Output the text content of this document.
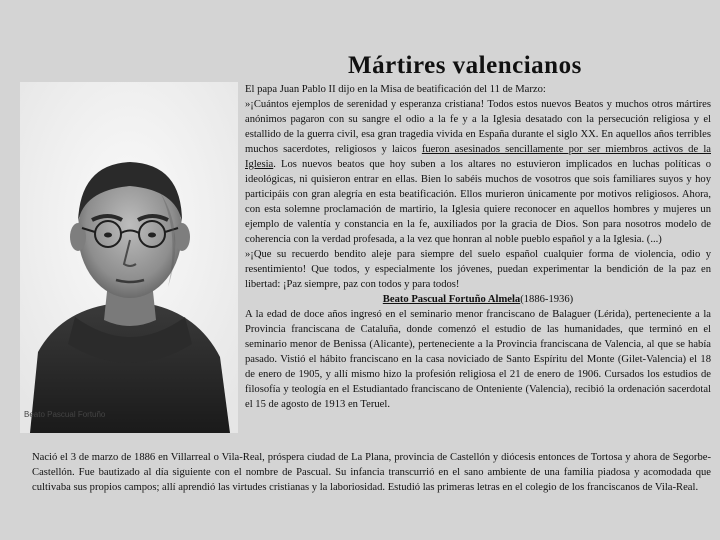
Mártires valencianos
Beato Pascual Fortuño

El papa Juan Pablo II dijo en la Misa de beatificación del 11 de Marzo:

»¡Cuántos ejemplos de serenidad y esperanza cristiana! Todos estos nuevos Beatos y muchos otros mártires anónimos pagaron con su sangre el odio a la fe y a la Iglesia desatado con la persecución religiosa y el estallido de la guerra civil, esa gran tragedia vivida en España durante el siglo XX. En aquellos años terribles muchos sacerdotes, religiosos y laicos fueron asesinados sencillamente por ser miembros activos de la Iglesia. Los nuevos beatos que hoy suben a los altares no estuvieron implicados en luchas políticas o ideológicas, ni quisieron entrar en ellas. Bien lo sabéis muchos de vosotros que sois familiares suyos y hoy participáis con gran alegría en esta beatificación. Ellos murieron únicamente por motivos religiosos. Ahora, con esta solemne proclamación de martirio, la Iglesia quiere reconocer en aquellos hombres y mujeres un ejemplo de valentía y constancia en la fe, auxiliados por la gracia de Dios. Son para nosotros modelo de coherencia con la verdad profesada, a la vez que honran al noble pueblo español y a la Iglesia. (...)

»¡Que su recuerdo bendito aleje para siempre del suelo español cualquier forma de violencia, odio y resentimiento! Que todos, y especialmente los jóvenes, puedan experimentar la bendición de la paz en libertad: ¡Paz siempre, paz con todos y para todos!

Beato Pascual Fortuño Almela(1886-1936)

A la edad de doce años ingresó en el seminario menor franciscano de Balaguer (Lérida), perteneciente a la Provincia franciscana de Cataluña, donde comenzó el estudio de las humanidades, que terminó en el seminario menor de Benissa (Alicante), perteneciente a la Provincia franciscana de Valencia, al que se había pasado. Vistió el hábito franciscano en la casa noviciado de Santo Espíritu del Monte (Gilet-Valencia) el 18 de enero de 1905, y allí mismo hizo la profesión religiosa el 21 de enero de 1906. Cursados los estudios de filosofía y teología en el Estudiantado franciscano de Onteniente (Valencia), recibió la ordenación sacerdotal el 15 de agosto de 1913 en Teruel.

Nació el 3 de marzo de 1886 en Villarreal o Vila-Real, próspera ciudad de La Plana, provincia de Castellón y diócesis entonces de Tortosa y ahora de Segorbe-Castellón. Fue bautizado al día siguiente con el nombre de Pascual. Su infancia transcurrió en el sano ambiente de una familia piadosa y acomodada que cultivaba sus propios campos; allí aprendió las virtudes cristianas y la laboriosidad. Estudió las primeras letras en el colegio de los franciscanos de Vila-Real.
